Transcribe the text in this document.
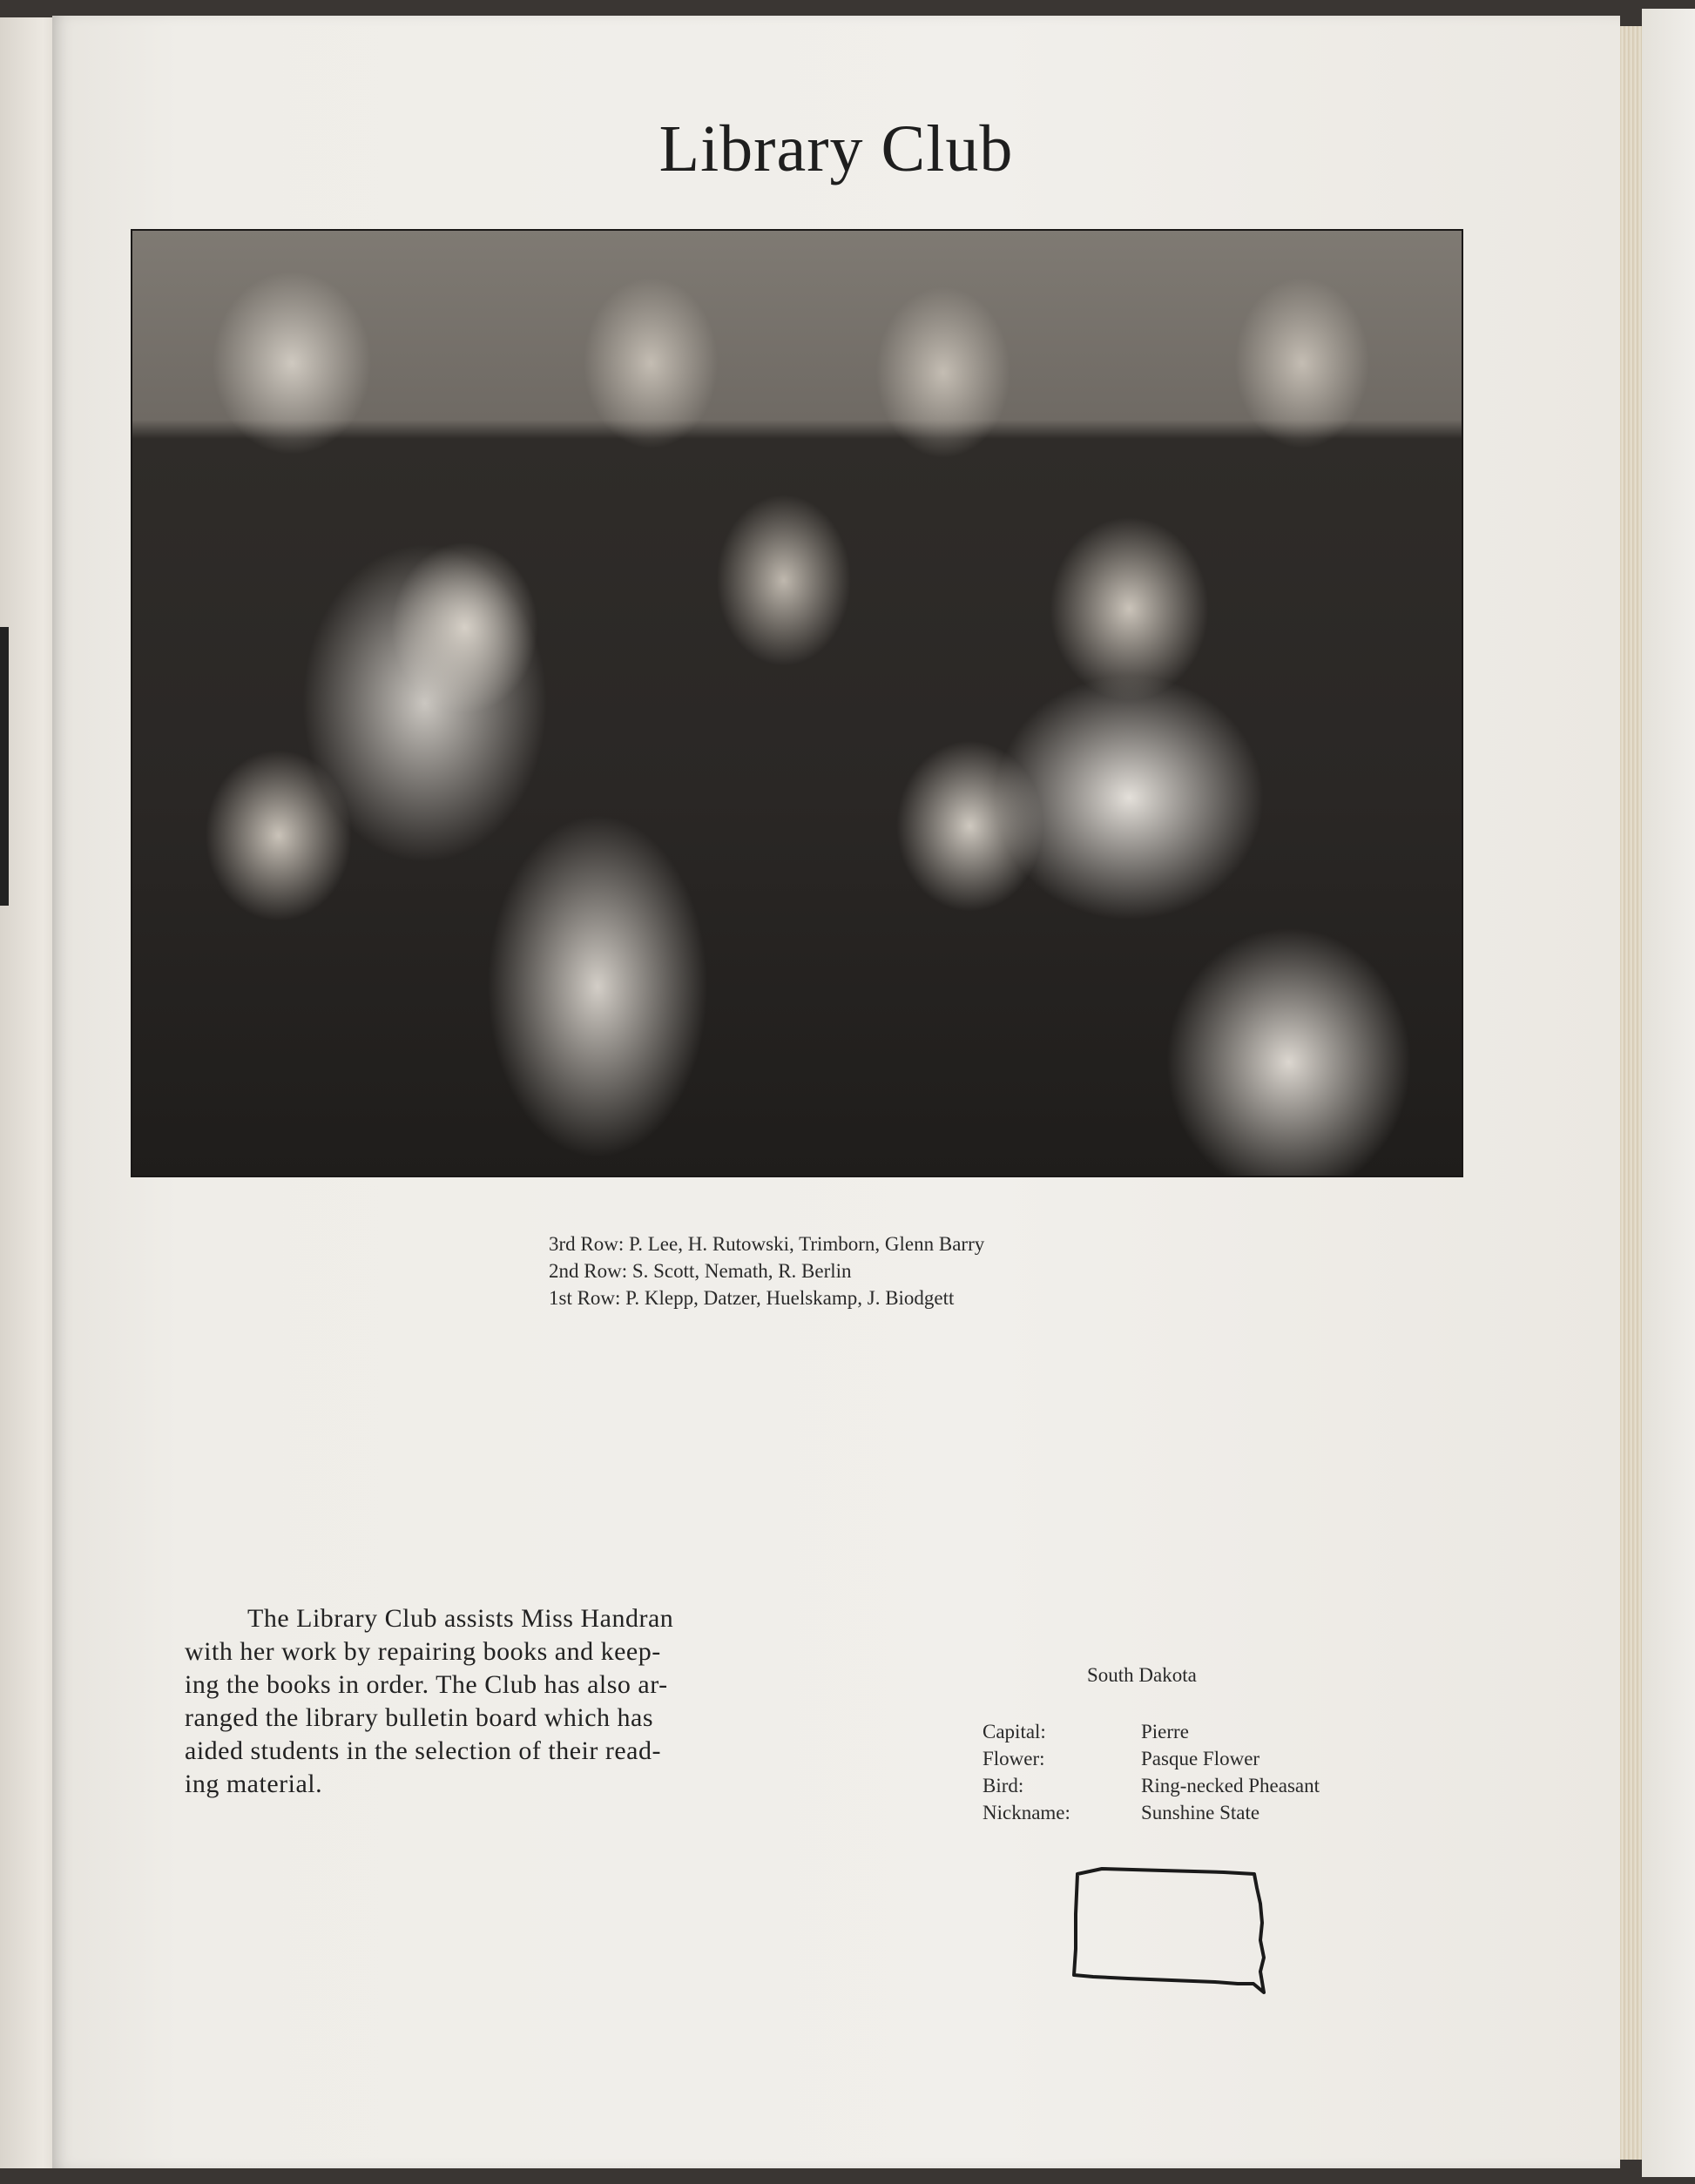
Library Club
3rd Row: P. Lee, H. Rutowski, Trimborn, Glenn Barry
2nd Row: S. Scott, Nemath, R. Berlin
1st Row: P. Klepp, Datzer, Huelskamp, J. Biodgett
The Library Club assists Miss Handran
with her work by repairing books and keep-
ing the books in order. The Club has also ar-
ranged the library bulletin board which has
aided students in the selection of their read-
ing material.
South Dakota
Capital:	Pierre
Flower:	Pasque Flower
Bird:	Ring-necked Pheasant
Nickname:	Sunshine State
